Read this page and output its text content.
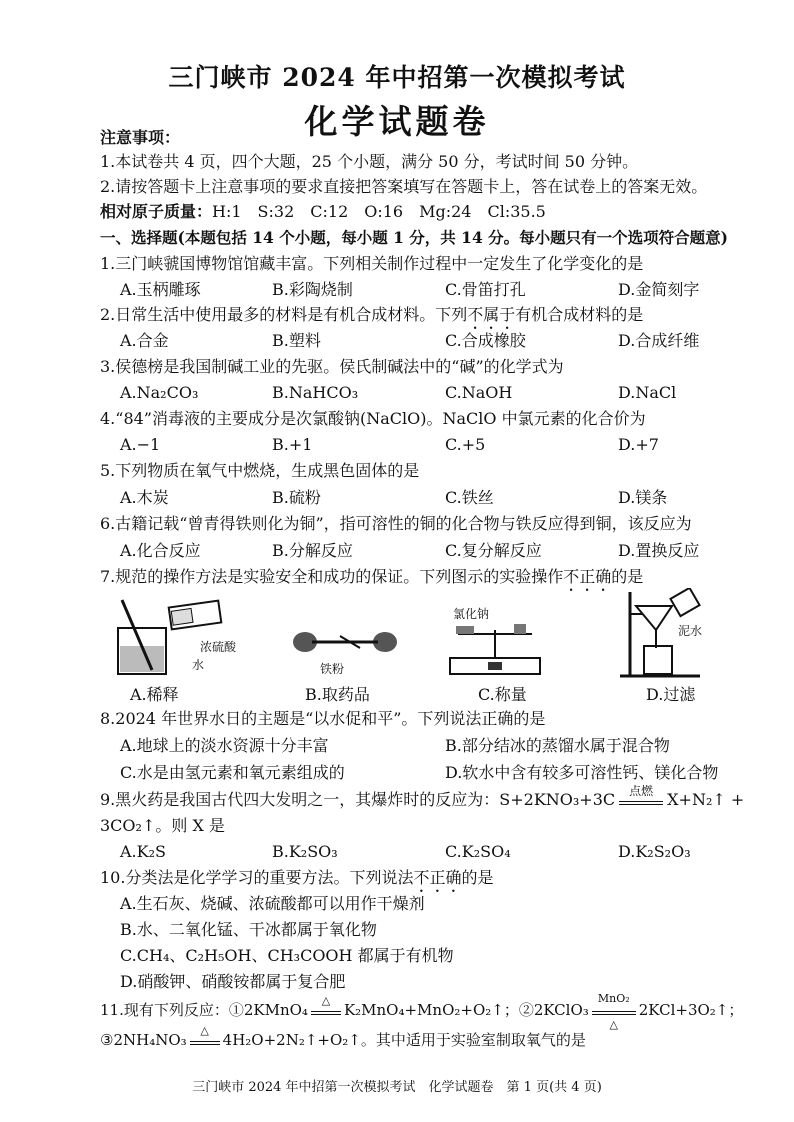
三门峡市 2024 年中招第一次模拟考试
化学试题卷
注意事项：
1.本试卷共 4 页，四个大题，25 个小题，满分 50 分，考试时间 50 分钟。
2.请按答题卡上注意事项的要求直接把答案填写在答题卡上，答在试卷上的答案无效。
相对原子质量：H:1　S:32　C:12　O:16　Mg:24　Cl:35.5
一、选择题(本题包括 14 个小题，每小题 1 分，共 14 分。每小题只有一个选项符合题意)
1.三门峡虢国博物馆馆藏丰富。下列相关制作过程中一定发生了化学变化的是
A.玉柄雕琢	B.彩陶烧制	C.骨笛打孔	D.金简刻字
2.日常生活中使用最多的材料是有机合成材料。下列不属于有机合成材料的是
A.合金	B.塑料	C.合成橡胶	D.合成纤维
3.侯德榜是我国制碱工业的先驱。侯氏制碱法中的“碱”的化学式为
A.Na₂CO₃	B.NaHCO₃	C.NaOH	D.NaCl
4.“84”消毒液的主要成分是次氯酸钠(NaClO)。NaClO 中氯元素的化合价为
A.−1	B.+1	C.+5	D.+7
5.下列物质在氧气中燃烧，生成黑色固体的是
A.木炭	B.硫粉	C.铁丝	D.镁条
6.古籍记载“曾青得铁则化为铜”，指可溶性的铜的化合物与铁反应得到铜，该反应为
A.化合反应	B.分解反应	C.复分解反应	D.置换反应
7.规范的操作方法是实验安全和成功的保证。下列图示的实验操作不正确的是
浓硫酸
水	铁粉
氯化钠
泥水
A.稀释	B.取药品	C.称量	D.过滤
8.2024 年世界水日的主题是“以水促和平”。下列说法正确的是
A.地球上的淡水资源十分丰富	B.部分结冰的蒸馏水属于混合物
C.水是由氢元素和氧元素组成的	D.软水中含有较多可溶性钙、镁化合物
9.黑火药是我国古代四大发明之一，其爆炸时的反应为：S+2KNO₃+3C	点燃 X+N₂↑ +
3CO₂↑。则 X 是
A.K₂S	B.K₂SO₃	C.K₂SO₄	D.K₂S₂O₃
10.分类法是化学学习的重要方法。下列说法不正确的是
A.生石灰、烧碱、浓硫酸都可以用作干燥剂
B.水、二氧化锰、干冰都属于氧化物
C.CH₄、C₂H₅OH、CH₃COOH 都属于有机物
D.硝酸钾、硝酸铵都属于复合肥
11.现有下列反应：①2KMnO₄
△
K₂MnO₄+MnO₂+O₂↑；②2KClO₃
MnO₂
△
2KCl+3O₂↑；
③2NH₄NO₃
△
4H₂O+2N₂↑+O₂↑。其中适用于实验室制取氧气的是
三门峡市 2024 年中招第一次模拟考试　化学试题卷　第 1 页(共 4 页)
